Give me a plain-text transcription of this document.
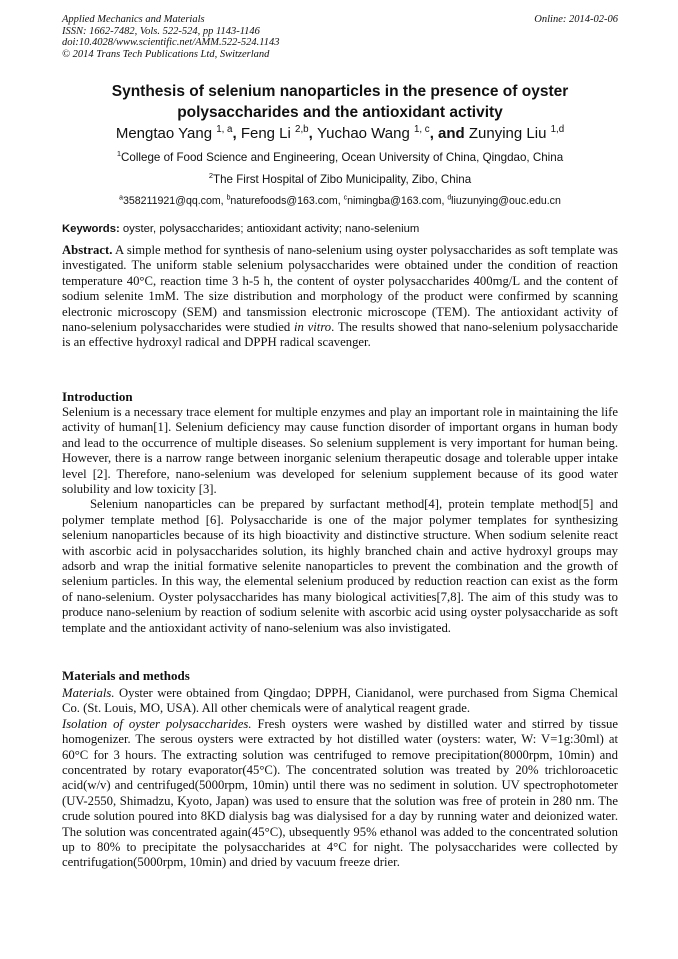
Applied Mechanics and Materials
ISSN: 1662-7482, Vols. 522-524, pp 1143-1146
doi:10.4028/www.scientific.net/AMM.522-524.1143
© 2014 Trans Tech Publications Ltd, Switzerland
Online: 2014-02-06
Synthesis of selenium nanoparticles in the presence of oyster
polysaccharides and the antioxidant activity
Mengtao Yang $^{1, a}$, Feng Li $^{2,b}$, Yuchao Wang $^{1, c}$, and Zunying Liu $^{1,d}$
$^1$College of Food Science and Engineering, Ocean University of China, Qingdao, China
$^2$The First Hospital of Zibo Municipality, Zibo, China
$^a$358211921@qq.com, $^b$naturefoods@163.com, $^c$nimingba@163.com, $^d$liuzunying@ouc.edu.cn
Keywords: oyster, polysaccharides; antioxidant activity; nano-selenium

Abstract. A simple method for synthesis of nano-selenium using oyster polysaccharides as soft template was investigated. The uniform stable selenium polysaccharides were obtained under the condition of reaction temperature 40°C, reaction time 3 h-5 h, the content of oyster polysaccharides 400mg/L and the content of sodium selenite 1mM. The size distribution and morphology of the product were confirmed by scanning electronic microscopy (SEM) and tansmission electronic microscope (TEM). The antioxidant activity of nano-selenium polysaccharides were studied in vitro. The results showed that nano-selenium polysaccharide is an effective hydroxyl radical and DPPH radical scavenger.

Introduction

Selenium is a necessary trace element for multiple enzymes and play an important role in maintaining the life activity of human[1]. Selenium deficiency may cause function disorder of important organs in human body and lead to the occurrence of multiple diseases. So selenium supplement is very important for human being. However, there is a narrow range between inorganic selenium therapeutic dosage and tolerable upper intake level [2]. Therefore, nano-selenium was developed for selenium supplement because of its good water solubility and low toxicity [3].

Selenium nanoparticles can be prepared by surfactant method[4], protein template method[5] and polymer template method [6]. Polysaccharide is one of the major polymer templates for synthesizing selenium nanoparticles because of its high bioactivity and distinctive structure. When sodium selenite react with ascorbic acid in polysaccharides solution, its highly branched chain and active hydroxyl groups may adsorb and wrap the initial formative selenite nanoparticles to prevent the combination and the growth of selenium particles. In this way, the elemental selenium produced by reduction reaction can exist as the form of nano-selenium. Oyster polysaccharides has many biological activities[7,8]. The aim of this study was to produce nano-selenium by reaction of sodium selenite with ascorbic acid using oyster polysaccharide as soft template and the antioxidant activity of nano-selenium was also invistigated.

Materials and methods

Materials. Oyster were obtained from Qingdao; DPPH, Cianidanol, were purchased from Sigma Chemical Co. (St. Louis, MO, USA). All other chemicals were of analytical reagent grade.

Isolation of oyster polysaccharides. Fresh oysters were washed by distilled water and stirred by tissue homogenizer. The serous oysters were extracted by hot distilled water (oysters: water, W: V=1g:30ml) at 60°C for 3 hours. The extracting solution was centrifuged to remove precipitation(8000rpm, 10min) and concentrated by rotary evaporator(45°C). The concentrated solution was treated by 20% trichloroacetic acid(w/v) and centrifuged(5000rpm, 10min) until there was no sediment in solution. UV spectrophotometer (UV-2550, Shimadzu, Kyoto, Japan) was used to ensure that the solution was free of protein in 280 nm. The crude solution poured into 8KD dialysis bag was dialysised for a day by running water and deionized water. The solution was concentrated again(45°C), ubsequently 95% ethanol was added to the concentrated solution up to 80% to precipitate the polysaccharides at 4°C for night. The polysaccharides were collected by centrifugation(5000rpm, 10min) and dried by vacuum freeze drier.
